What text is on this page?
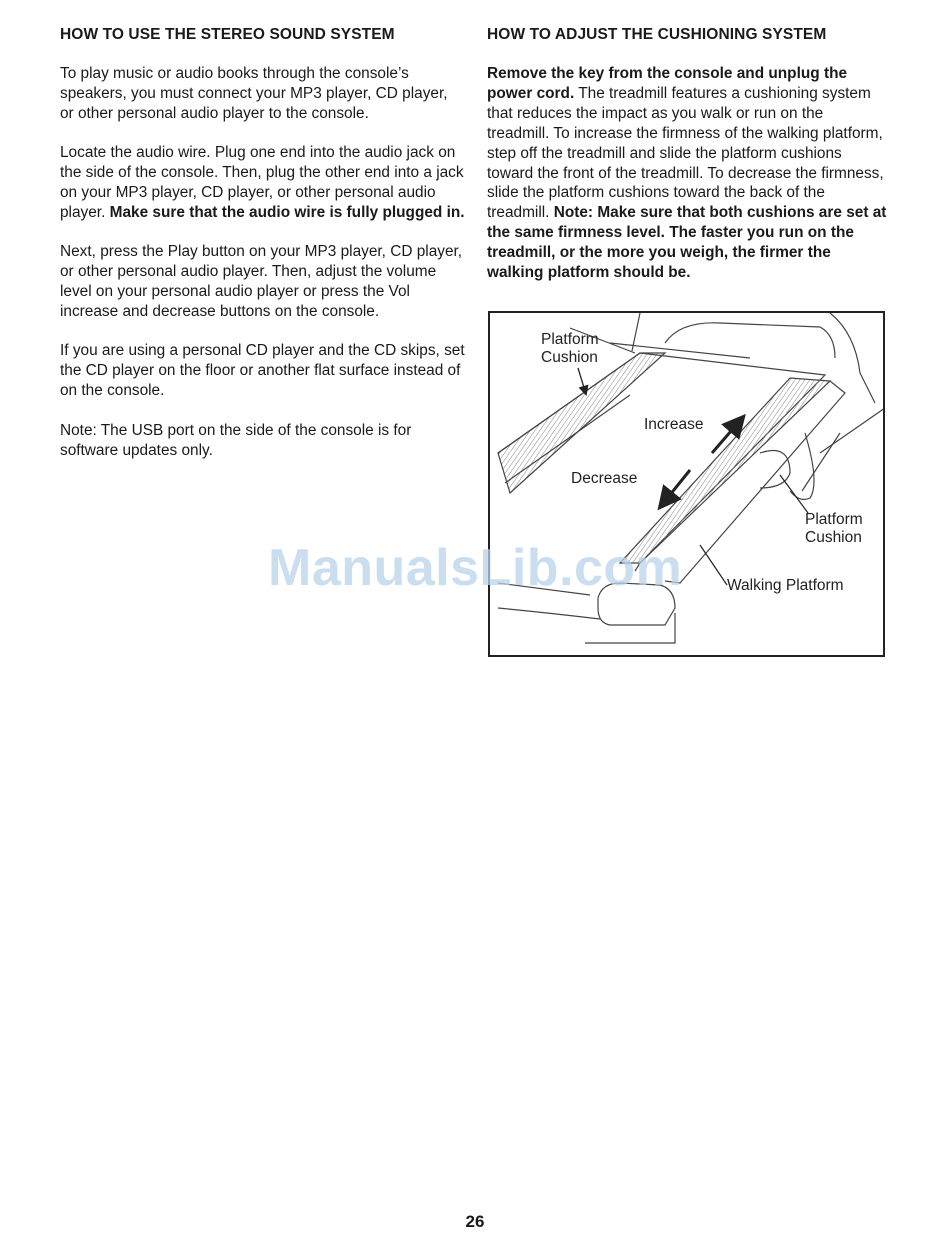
HOW TO USE THE STEREO SOUND SYSTEM

To play music or audio books through the console’s speakers, you must connect your MP3 player, CD player, or other personal audio player to the console.

Locate the audio wire. Plug one end into the audio jack on the side of the console. Then, plug the other end into a jack on your MP3 player, CD player, or other personal audio player. Make sure that the audio wire is fully plugged in.

Next, press the Play button on your MP3 player, CD player, or other personal audio player. Then, adjust the volume level on your personal audio player or press the Vol increase and decrease buttons on the console.

If you are using a personal CD player and the CD skips, set the CD player on the floor or another flat surface instead of on the console.

Note: The USB port on the side of the console is for software updates only.

HOW TO ADJUST THE CUSHIONING SYSTEM

Remove the key from the console and unplug the power cord. The treadmill features a cushioning system that reduces the impact as you walk or run on the treadmill. To increase the firmness of the walking platform, step off the treadmill and slide the platform cushions toward the front of the treadmill. To decrease the firmness, slide the platform cushions toward the back of the treadmill. Note: Make sure that both cushions are set at the same firmness level. The faster you run on the treadmill, or the more you weigh, the firmer the walking platform should be.

Platform
Cushion
Increase
Decrease
Platform
Cushion
Walking Platform
ManualsLib.com
26
